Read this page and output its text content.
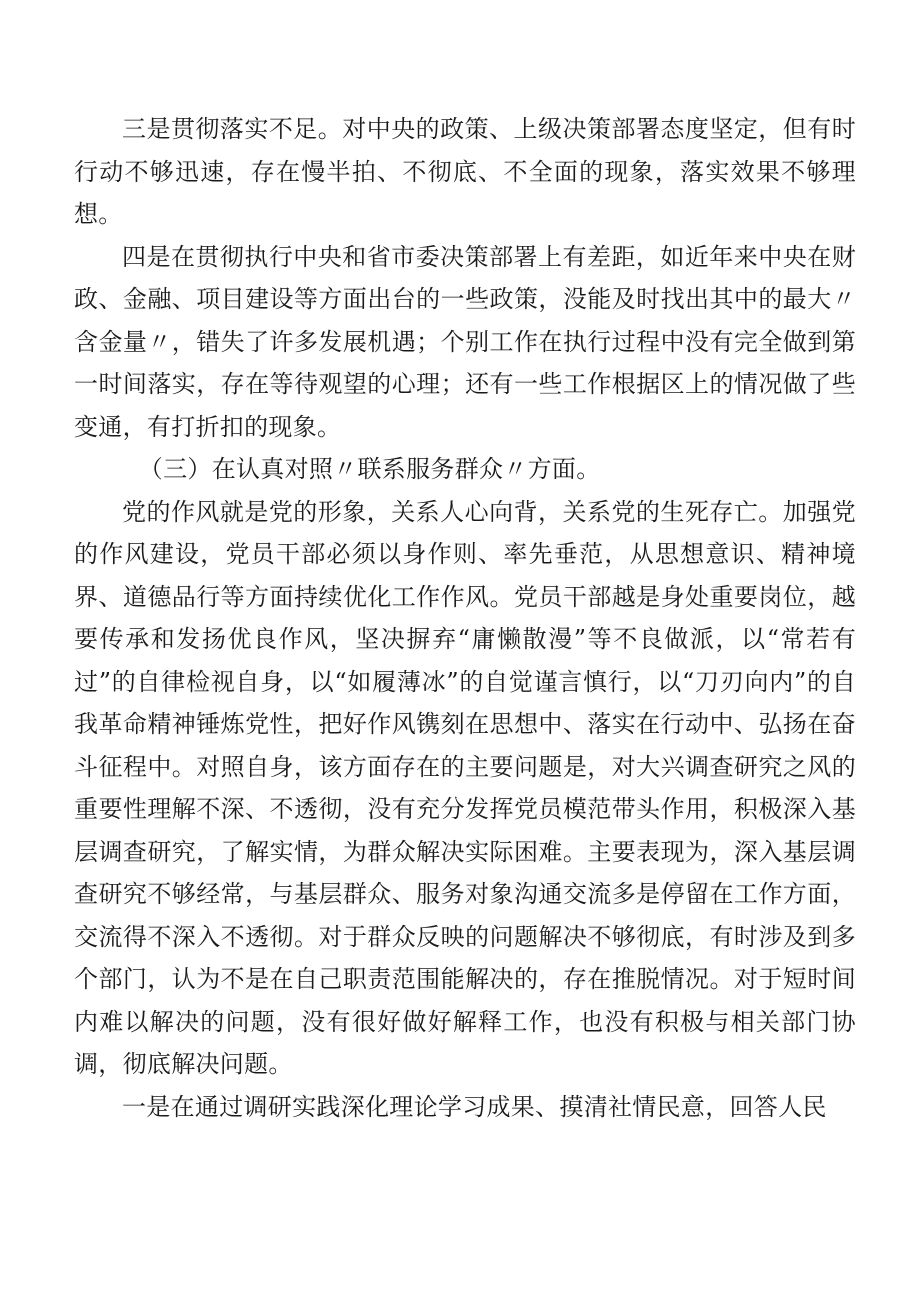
三是贯彻落实不足。对中央的政策、上级决策部署态度坚定，但有时行动不够迅速，存在慢半拍、不彻底、不全面的现象，落实效果不够理想。

四是在贯彻执行中央和省市委决策部署上有差距，如近年来中央在财政、金融、项目建设等方面出台的一些政策，没能及时找出其中的最大〃含金量〃，错失了许多发展机遇；个别工作在执行过程中没有完全做到第一时间落实，存在等待观望的心理；还有一些工作根据区上的情况做了些变通，有打折扣的现象。

（三）在认真对照〃联系服务群众〃方面。

党的作风就是党的形象，关系人心向背，关系党的生死存亡。加强党的作风建设，党员干部必须以身作则、率先垂范，从思想意识、精神境界、道德品行等方面持续优化工作作风。党员干部越是身处重要岗位，越要传承和发扬优良作风，坚决摒弃“庸懒散漫”等不良做派，以“常若有过”的自律检视自身，以“如履薄冰”的自觉谨言慎行，以“刀刃向内”的自我革命精神锤炼党性，把好作风镌刻在思想中、落实在行动中、弘扬在奋斗征程中。对照自身，该方面存在的主要问题是，对大兴调查研究之风的重要性理解不深、不透彻，没有充分发挥党员模范带头作用，积极深入基层调查研究，了解实情，为群众解决实际困难。主要表现为，深入基层调查研究不够经常，与基层群众、服务对象沟通交流多是停留在工作方面，交流得不深入不透彻。对于群众反映的问题解决不够彻底，有时涉及到多个部门，认为不是在自己职责范围能解决的，存在推脱情况。对于短时间内难以解决的问题，没有很好做好解释工作，也没有积极与相关部门协调，彻底解决问题。

一是在通过调研实践深化理论学习成果、摸清社情民意，回答人民
